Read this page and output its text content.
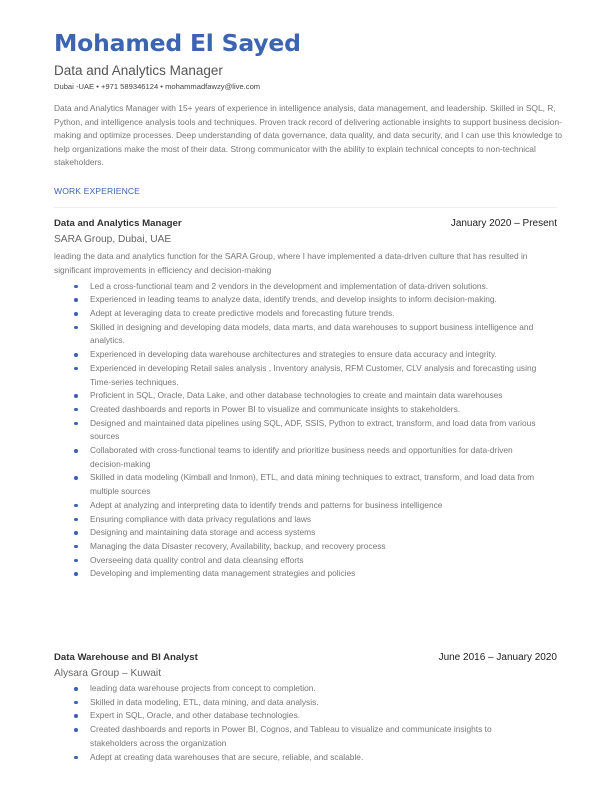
Mohamed El Sayed
Data and Analytics Manager
Dubai -UAE • +971 589346124 • mohammadfawzy@live.com

Data and Analytics Manager with 15+ years of experience in intelligence analysis, data management, and leadership. Skilled in SQL, R, Python, and intelligence analysis tools and techniques. Proven track record of delivering actionable insights to support business decision-making and optimize processes. Deep understanding of data governance, data quality, and data security, and I can use this knowledge to help organizations make the most of their data. Strong communicator with the ability to explain technical concepts to non-technical stakeholders.

WORK EXPERIENCE
Data and Analytics Manager	January 2020 – Present
SARA Group, Dubai, UAE

leading the data and analytics function for the SARA Group, where I have implemented a data-driven culture that has resulted in significant improvements in efficiency and decision-making

Led a cross-functional team and 2 vendors in the development and implementation of data-driven solutions.
Experienced in leading teams to analyze data, identify trends, and develop insights to inform decision-making.
Adept at leveraging data to create predictive models and forecasting future trends.
Skilled in designing and developing data models, data marts, and data warehouses to support business intelligence and analytics.
Experienced in developing data warehouse architectures and strategies to ensure data accuracy and integrity.
Experienced in developing Retail sales analysis , Inventory analysis, RFM Customer, CLV analysis and forecasting using Time-series techniques.
Proficient in SQL, Oracle, Data Lake, and other database technologies to create and maintain data warehouses
Created dashboards and reports in Power BI to visualize and communicate insights to stakeholders.
Designed and maintained data pipelines using SQL, ADF, SSIS, Python to extract, transform, and load data from various sources
Collaborated with cross-functional teams to identify and prioritize business needs and opportunities for data-driven decision-making
Skilled in data modeling (Kimball and Inmon), ETL, and data mining techniques to extract, transform, and load data from multiple sources
Adept at analyzing and interpreting data to identify trends and patterns for business intelligence
Ensuring compliance with data privacy regulations and laws
Designing and maintaining data storage and access systems
Managing the data Disaster recovery, Availability, backup, and recovery process
Overseeing data quality control and data cleansing efforts
Developing and implementing data management strategies and policies
Data Warehouse and BI Analyst	June 2016 – January 2020
Alysara Group – Kuwait
leading data warehouse projects from concept to completion.
Skilled in data modeling, ETL, data mining, and data analysis.
Expert in SQL, Oracle, and other database technologies.
Created dashboards and reports in Power BI, Cognos, and Tableau to visualize and communicate insights to stakeholders across the organization
Adept at creating data warehouses that are secure, reliable, and scalable.
